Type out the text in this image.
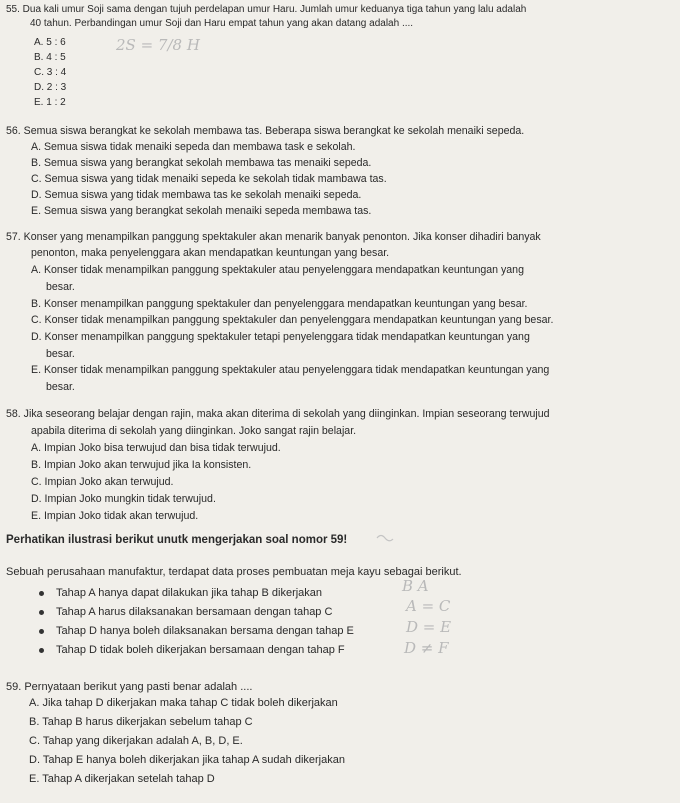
55. Dua kali umur Soji sama dengan tujuh perdelapan umur Haru. Jumlah umur keduanya tiga tahun yang lalu adalah
40 tahun. Perbandingan umur Soji dan Haru empat tahun yang akan datang adalah ....
A. 5 : 6
B. 4 : 5
C. 3 : 4
D. 2 : 3
E. 1 : 2
2S = 7/8 H
56. Semua siswa berangkat ke sekolah membawa tas. Beberapa siswa berangkat ke sekolah menaiki sepeda.
A. Semua siswa tidak menaiki sepeda dan membawa task e sekolah.
B. Semua siswa yang berangkat sekolah membawa tas menaiki sepeda.
C. Semua siswa yang tidak menaiki sepeda ke sekolah tidak mambawa tas.
D. Semua siswa yang tidak membawa tas ke sekolah menaiki sepeda.
E. Semua siswa yang berangkat sekolah menaiki sepeda membawa tas.
57. Konser yang menampilkan panggung spektakuler akan menarik banyak penonton. Jika konser dihadiri banyak
penonton, maka penyelenggara akan mendapatkan keuntungan yang besar.
A. Konser tidak menampilkan panggung spektakuler atau penyelenggara mendapatkan keuntungan yang
besar.
B. Konser menampilkan panggung spektakuler dan penyelenggara mendapatkan keuntungan yang besar.
C. Konser tidak menampilkan panggung spektakuler dan penyelenggara mendapatkan keuntungan yang besar.
D. Konser menampilkan panggung spektakuler tetapi penyelenggara tidak mendapatkan keuntungan yang
besar.
E. Konser tidak menampilkan panggung spektakuler atau penyelenggara tidak mendapatkan keuntungan yang
besar.
58. Jika seseorang belajar dengan rajin, maka akan diterima di sekolah yang diinginkan. Impian seseorang terwujud
apabila diterima di sekolah yang diinginkan. Joko sangat rajin belajar.
A. Impian Joko bisa terwujud dan bisa tidak terwujud.
B. Impian Joko akan terwujud jika Ia konsisten.
C. Impian Joko akan terwujud.
D. Impian Joko mungkin tidak terwujud.
E. Impian Joko tidak akan terwujud.
Perhatikan ilustrasi berikut unutk mengerjakan soal nomor 59!
Sebuah perusahaan manufaktur, terdapat data proses pembuatan meja kayu sebagai berikut.
Tahap A hanya dapat dilakukan jika tahap B dikerjakan
Tahap A harus dilaksanakan bersamaan dengan tahap C
Tahap D hanya boleh dilaksanakan bersama dengan tahap E
Tahap D tidak boleh dikerjakan bersamaan dengan tahap F
B A
A = C
D = E
D ≠ F
59. Pernyataan berikut yang pasti benar adalah ....
A. Jika tahap D dikerjakan maka tahap C tidak boleh dikerjakan
B. Tahap B harus dikerjakan sebelum tahap C
C. Tahap yang dikerjakan adalah A, B, D, E.
D. Tahap E hanya boleh dikerjakan jika tahap A sudah dikerjakan
E. Tahap A dikerjakan setelah tahap D
